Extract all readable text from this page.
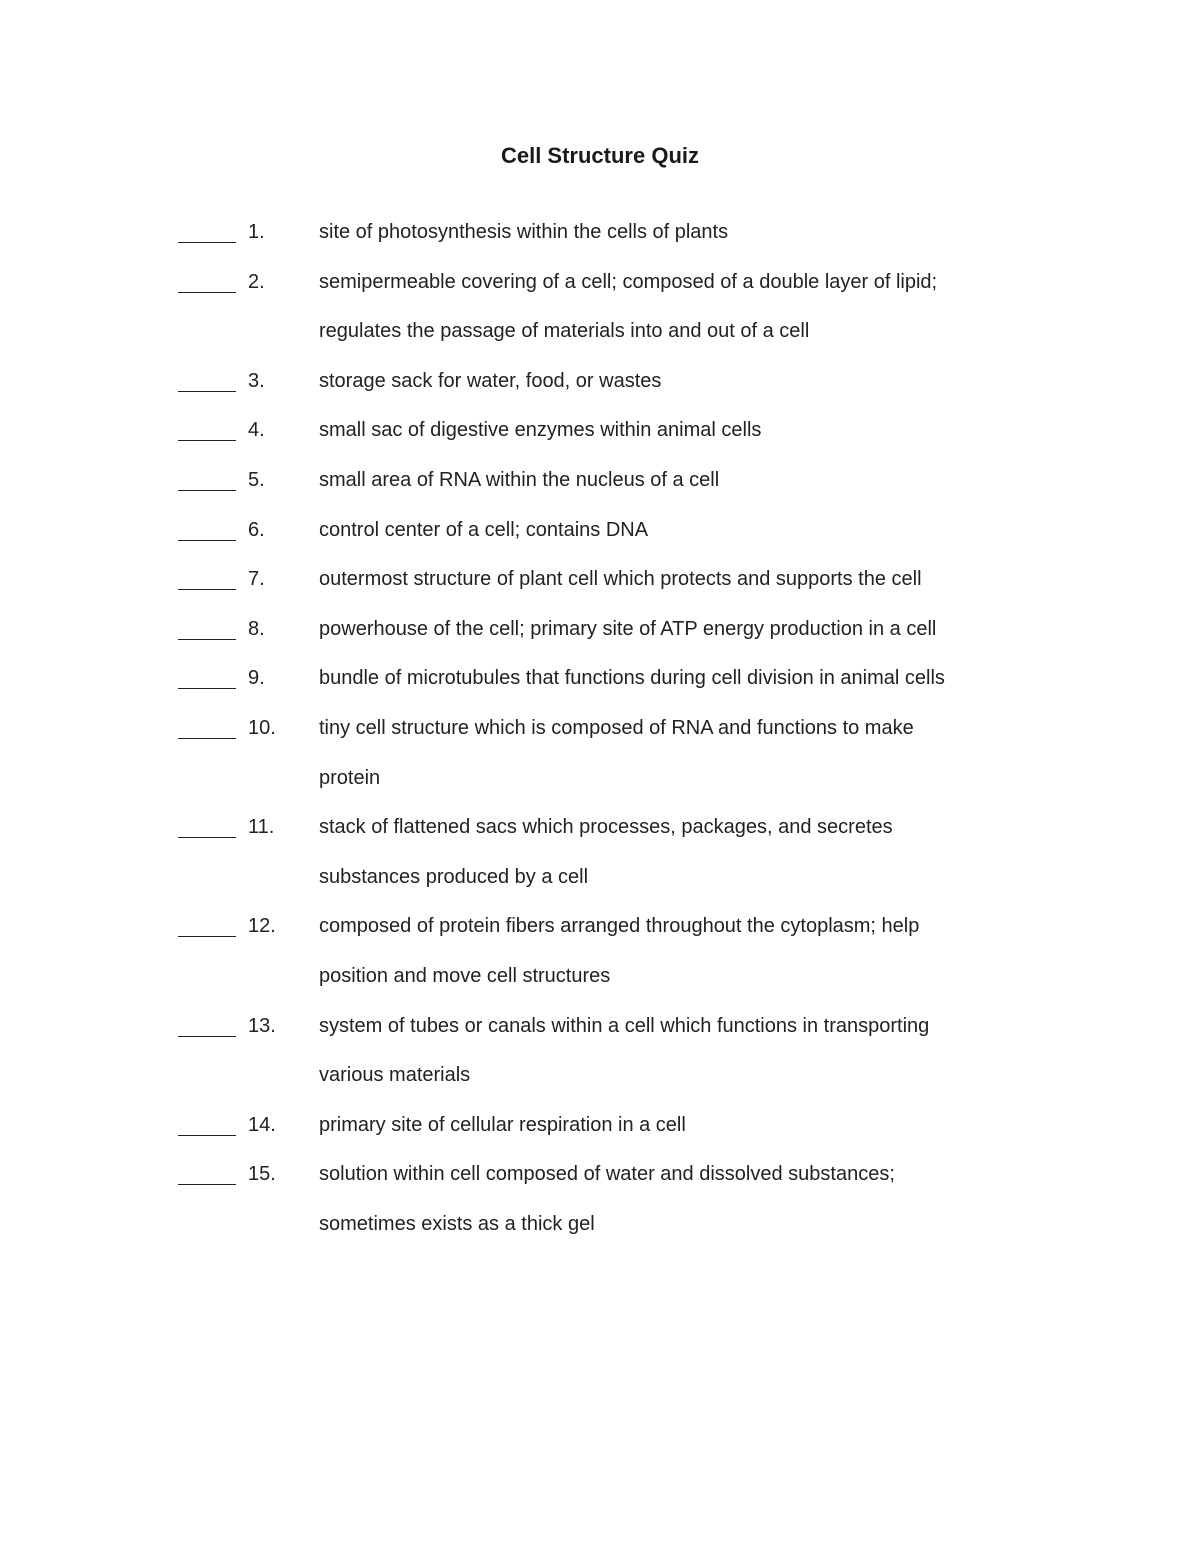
Cell Structure Quiz
1.	site of photosynthesis within the cells of plants
2.	semipermeable covering of a cell; composed of a double layer of lipid;
regulates the passage of materials into and out of a cell
3.	storage sack for water, food, or wastes
4.	small sac of digestive enzymes within animal cells
5.	small area of RNA within the nucleus of a cell
6.	control center of a cell; contains DNA
7.	outermost structure of plant cell which protects and supports the cell
8.	powerhouse of the cell; primary site of ATP energy production in a cell
9.	bundle of microtubules that functions during cell division in animal cells
10. tiny cell structure which is composed of RNA and functions to make
protein
11. stack of flattened sacs which processes, packages, and secretes
substances produced by a cell
12. composed of protein fibers arranged throughout the cytoplasm; help
position and move cell structures
13. system of tubes or canals within a cell which functions in transporting
various materials
14. primary site of cellular respiration in a cell
15. solution within cell composed of water and dissolved substances;
sometimes exists as a thick gel
